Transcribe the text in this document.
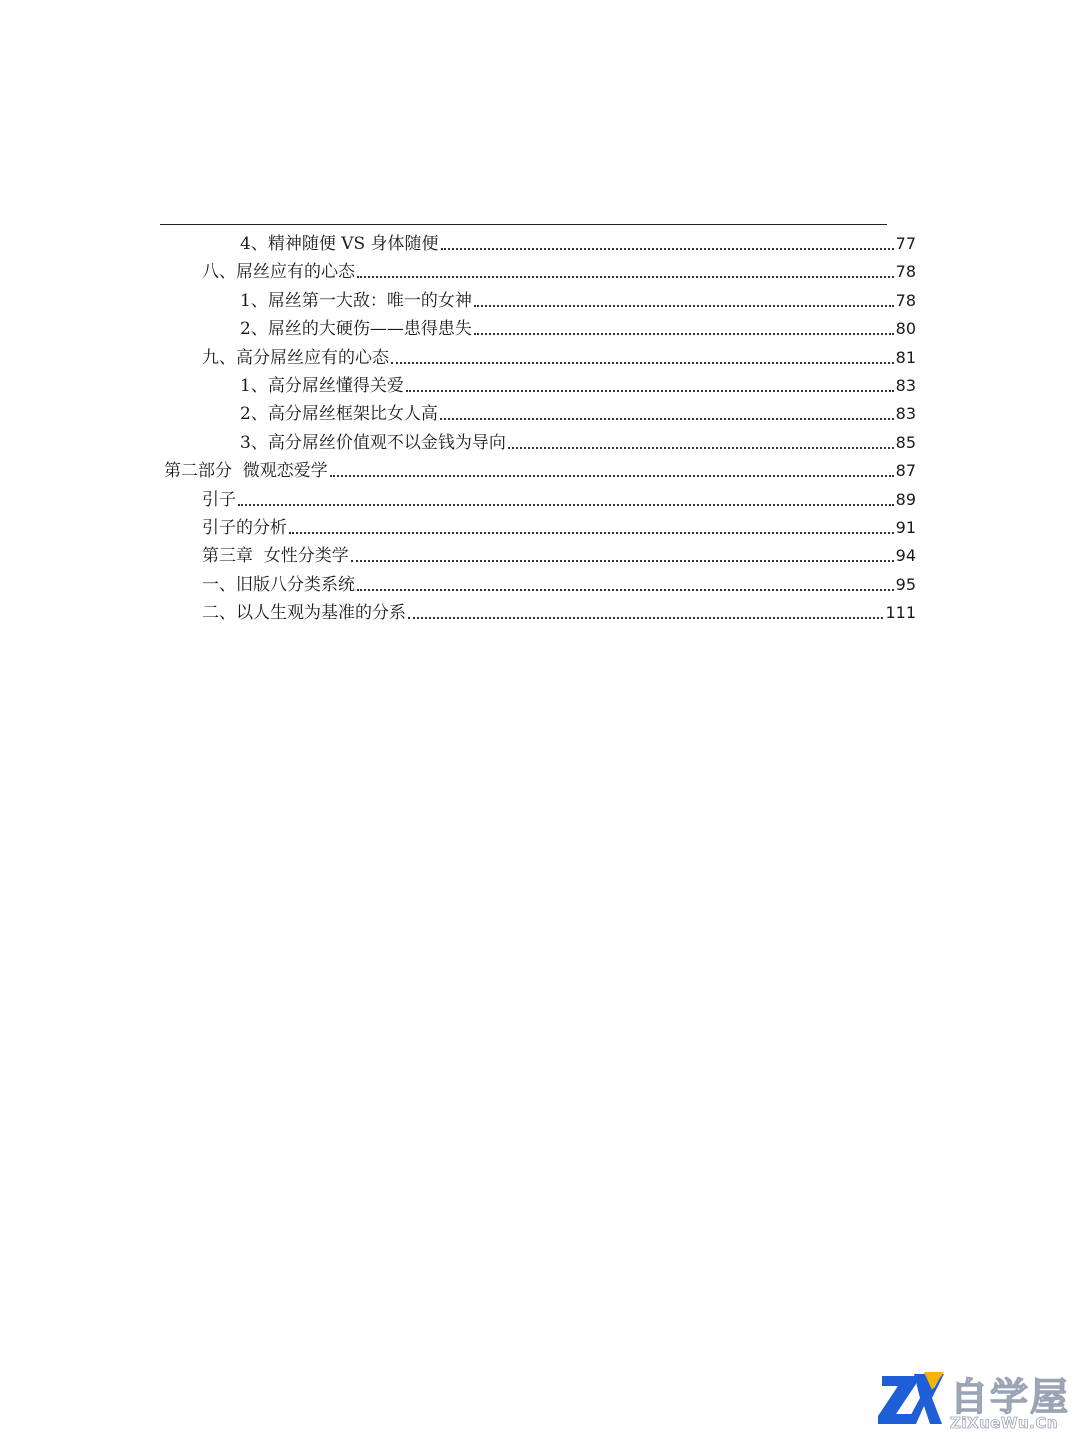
4、精神随便 VS 身体随便	77
八、屌丝应有的心态	78
1、屌丝第一大敌：唯一的女神	78
2、屌丝的大硬伤——患得患失	80
九、高分屌丝应有的心态	81
1、高分屌丝懂得关爱	83
2、高分屌丝框架比女人高	83
3、高分屌丝价值观不以金钱为导向	85
第二部分  微观恋爱学	87
引子	89
引子的分析	91
第三章  女性分类学	94
一、旧版八分类系统	95
二、以人生观为基准的分系	111
自学屋
ZiXueWu.Cn
